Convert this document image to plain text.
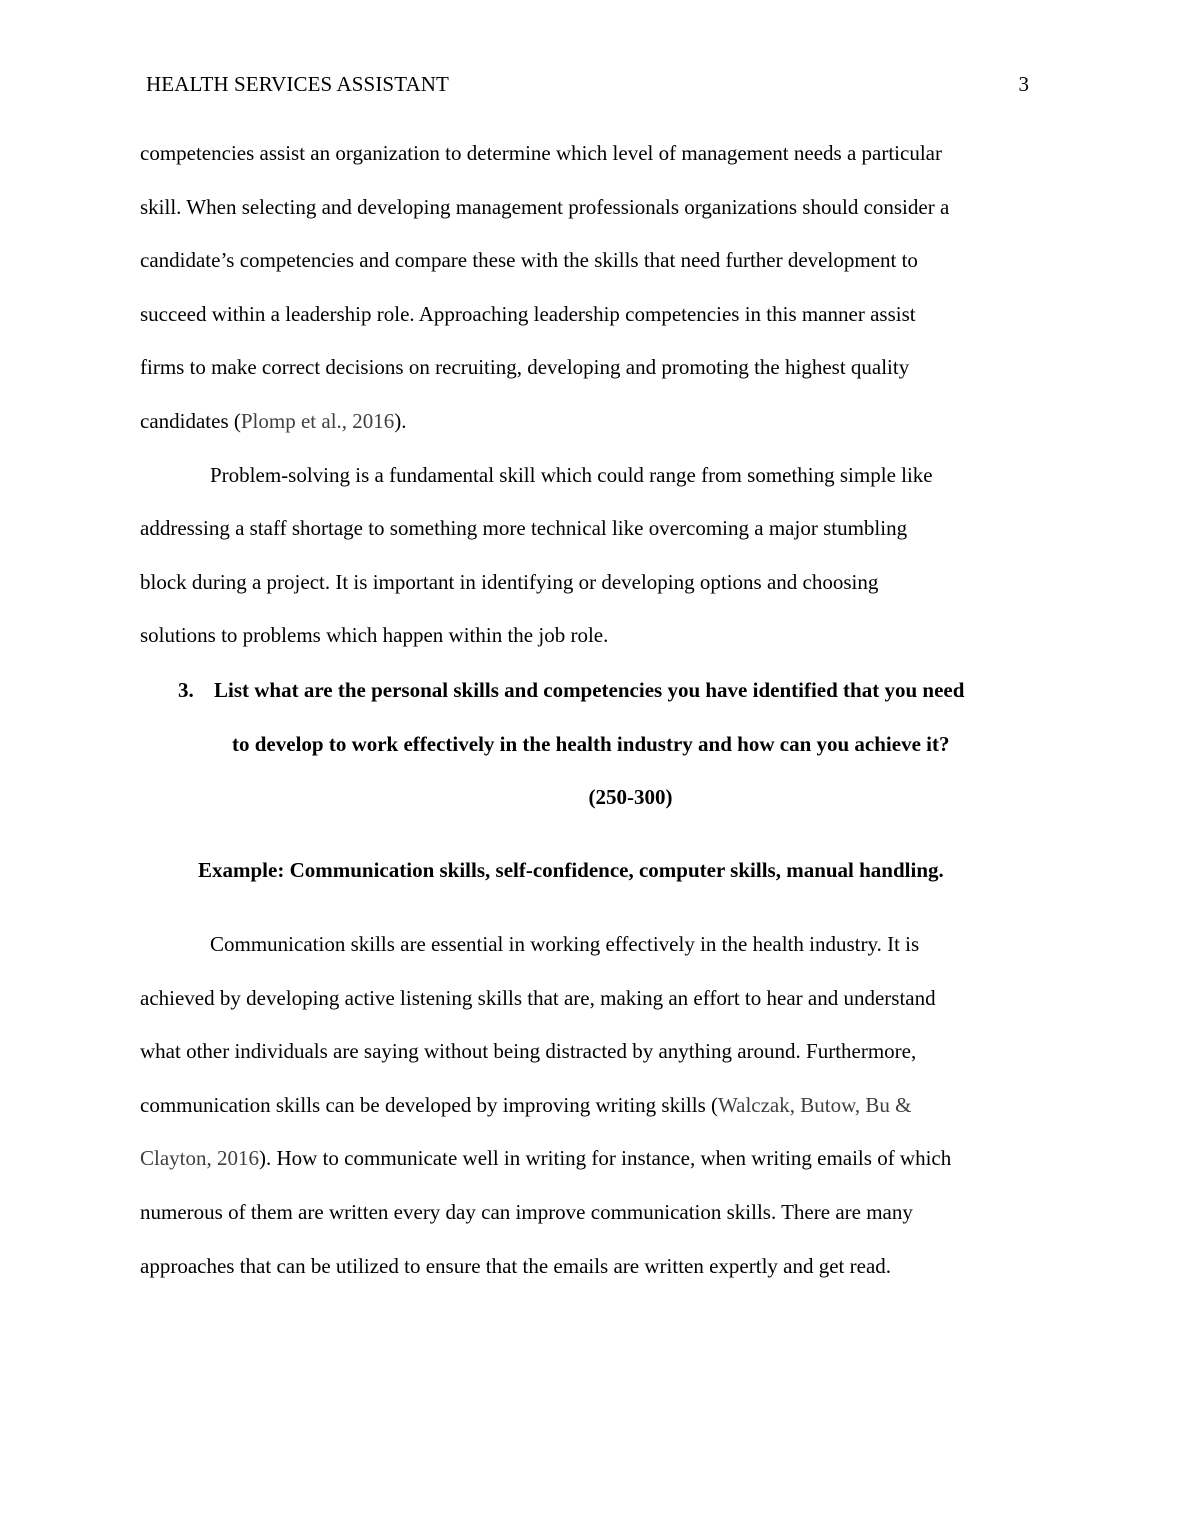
HEALTH SERVICES ASSISTANT	3

competencies assist an organization to determine which level of management needs a particular
skill. When selecting and developing management professionals organizations should consider a
candidate’s competencies and compare these with the skills that need further development to
succeed within a leadership role. Approaching leadership competencies in this manner assist
firms to make correct decisions on recruiting, developing and promoting the highest quality
candidates (Plomp et al., 2016).

Problem-solving is a fundamental skill which could range from something simple like
addressing a staff shortage to something more technical like overcoming a major stumbling
block during a project. It is important in identifying or developing options and choosing
solutions to problems which happen within the job role.

3. List what are the personal skills and competencies you have identified that you need
to develop to work effectively in the health industry and how can you achieve it?
(250-300)
Example: Communication skills, self-confidence, computer skills, manual handling.

Communication skills are essential in working effectively in the health industry. It is
achieved by developing active listening skills that are, making an effort to hear and understand
what other individuals are saying without being distracted by anything around. Furthermore,
communication skills can be developed by improving writing skills (Walczak, Butow, Bu &
Clayton, 2016). How to communicate well in writing for instance, when writing emails of which
numerous of them are written every day can improve communication skills. There are many
approaches that can be utilized to ensure that the emails are written expertly and get read.
